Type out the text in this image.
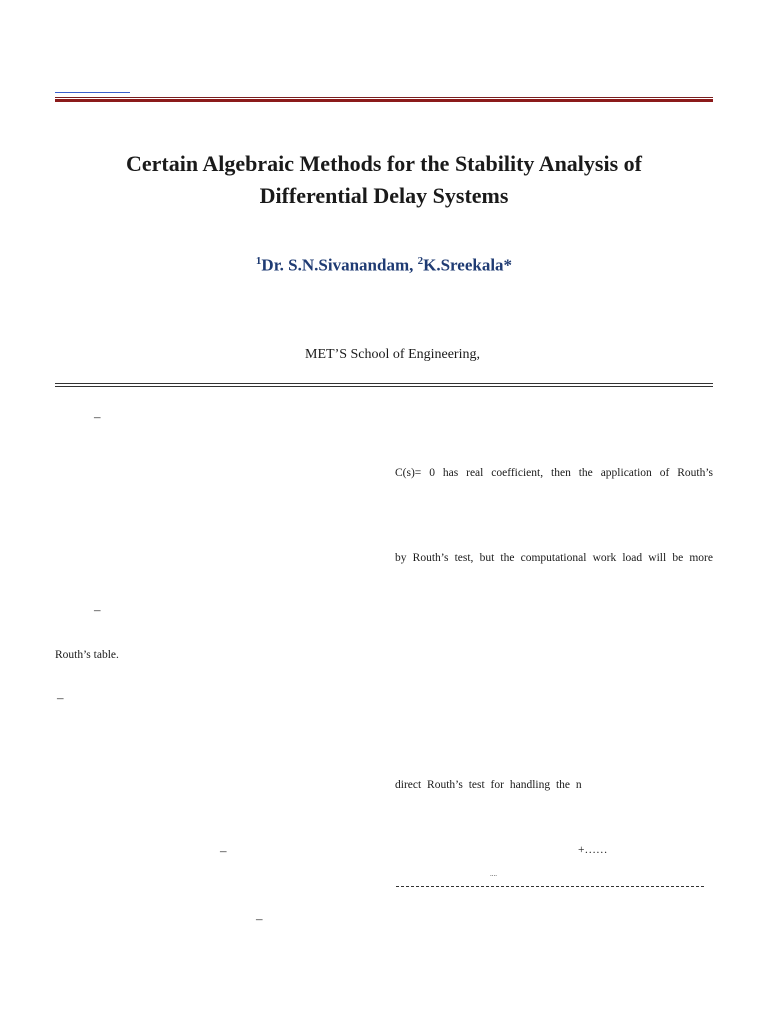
Certain Algebraic Methods for the Stability Analysis of
Differential Delay Systems
$^1$Dr. S.N.Sivanandam, $^2$K.Sreekala*
MET’S School of Engineering,
–
C(s)= 0 has real coefficient, then the application of Routh’s
by Routh’s test, but the computational work load will be more
–
Routh’s table.
–
direct Routh’s test for handling the n
–	+……
....
–
